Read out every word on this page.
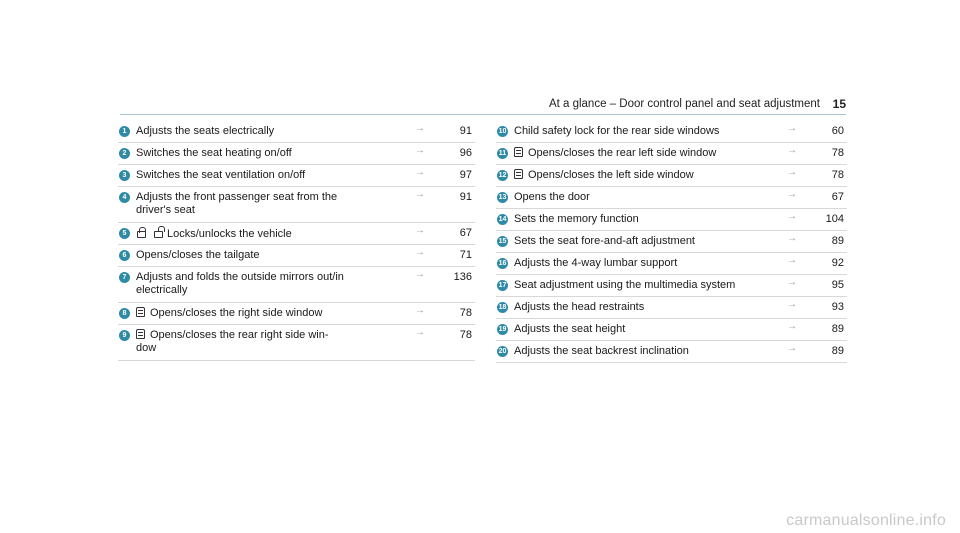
At a glance – Door control panel and seat adjustment 15
1 Adjusts the seats electrically	→	91
2 Switches the seat heating on/off	→	96
3 Switches the seat ventilation on/off	→	97
4 Adjusts the front passenger seat from the
driver's seat
→	91
5	Locks/unlocks the vehicle	→	67
6 Opens/closes the tailgate	→	71
7 Adjusts and folds the outside mirrors out/in
electrically
→	136
8	Opens/closes the right side window	→	78
9	Opens/closes the rear right side win-
dow
→	78
10 Child safety lock for the rear side windows	→	60
11	Opens/closes the rear left side window	→	78
12	Opens/closes the left side window	→	78
13 Opens the door	→	67
14 Sets the memory function	→	104
15 Sets the seat fore-and-aft adjustment	→	89
16 Adjusts the 4-way lumbar support	→	92
17 Seat adjustment using the multimedia system	→	95
18 Adjusts the head restraints	→	93
19 Adjusts the seat height	→	89
20 Adjusts the seat backrest inclination	→	89
carmanualsonline.info
